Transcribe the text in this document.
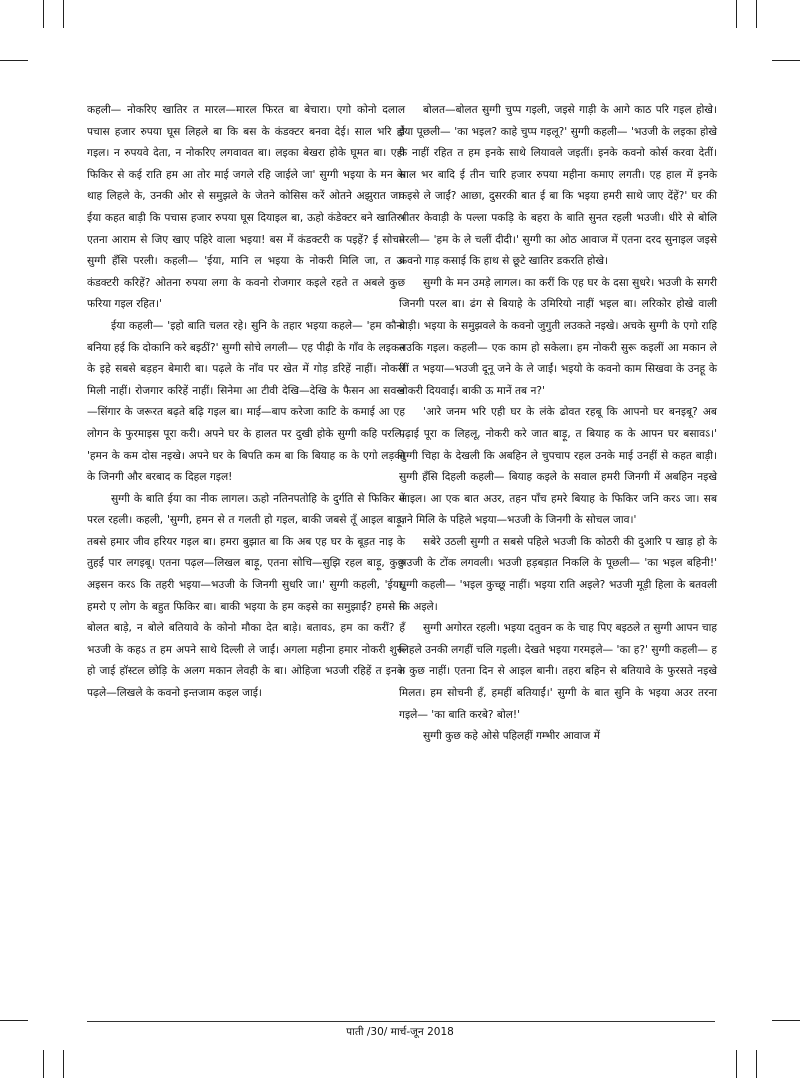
कहली— नोकरिए खातिर त मारल—मारल फिरत बा बेचारा। एगो कोनो दलाल पचास हजार रुपया घूस लिहले बा कि बस के कंडक्टर बनवा देई। साल भरि हो गइल। न रुपयवे देता, न नोकरिए लगवावत बा। लइका बेखरा होके घूमत बा। एही फिकिर से कई राति हम आ तोर माई जगले रहि जाईले जा' सुग्गी भइया के मन के थाह लिहले के, उनकी ओर से समुझले के जेतने कोसिस करें ओतने अझुरात जा। ईया कहत बाड़ी कि पचास हजार रुपया घूस दियाइल बा, ऊहो कंडेक्टर बने खातिर। एतना आराम से जिए खाए पहिरे वाला भइया! बस में कंडक्टरी क पइहें? ई सोचते सुग्गी हँसि परली। कहली— 'ईया, मानि ल भइया के नोकरी मिलि जा, त ऊ कंडक्टरी करिहें? ओतना रुपया लगा के कवनो रोजगार कइले रहते त अबले कुछ फरिया गइल रहित।'

ईया कहली— 'इहो बाति चलत रहे। सुनि के तहार भइया कहले— 'हम कौनो बनिया हई कि दोकानि करे बइठीं?' सुग्गी सोचे लगली— एह पीढ़ी के गाँव के लइकन के इहे सबसे बड़हन बेमारी बा। पढ़ले के नाँव पर खेत में गोड़ डरिहें नाहीं। नोकरी मिली नाहीं। रोजगार करिहें नाहीं। सिनेमा आ टीवी देखि—देखि के फैसन आ सवख—सिंगार के जरूरत बढ़ते बढ़ि गइल बा। माई—बाप करेजा काटि के कमाई आ एह लोगन के फुरमाइस पूरा करी। अपने घर के हालत पर दुखी होके सुग्गी कहि परलि, 'हमन के कम दोस नइखे। अपने घर के बिपति कम बा कि बियाह क के एगो लड़की के जिनगी और बरबाद क दिहल गइल!

सुग्गी के बाति ईया का नीक लागल। ऊहो नतिनपतोहि के दुर्गति से फिकिर में परल रहली। कहली, 'सुग्गी, हमन से त गलती हो गइल, बाकी जबसे तूँ आइल बाड़ू, तबसे हमार जीव हरियर गइल बा। हमरा बुझात बा कि अब एह घर के बूड़त नाइ के तुहईं पार लगइबू। एतना पढ़ल—लिखल बाड़ू, एतना सोचि—सुझि रहल बाड़ू, कुछु अइसन करऽ कि तहरी भइया—भउजी के जिनगी सुधरि जा।' सुग्गी कहली, 'ईया, हमरो ए लोग के बहुत फिकिर बा। बाकी भइया के हम कइसे का समुझाईं? हमसे न बोलत बाड़े, न बोले बतियावे के कोनो मौका देत बाड़े। बतावऽ, हम का करीं? हँ भउजी के कहऽ त हम अपने साथे दिल्ली ले जाईं। अगला महीना हमार नोकरी शुरू हो जाई हॉस्टल छोड़ि के अलग मकान लेवही के बा। ओहिजा भउजी रहिहें त इनके पढ़ले—लिखले के कवनो इन्तजाम कइल जाई।

बोलत—बोलत सुग्गी चुप्प गइली, जइसे गाड़ी के आगे काठ परि गइल होखे। ईया पूछली— 'का भइल? काहे चुप्प गइलू?' सुग्गी कहली— 'भउजी के लइका होखे के नाहीं रहित त हम इनके साथे लियावले जइतीं। इनके कवनो कोर्स करवा देतीं। साल भर बादि ई तीन चारि हजार रुपया महीना कमाए लगती। एह हाल में इनके कइसे ले जाईं? आछा, दुसरकी बात ई बा कि भइया हमरी साथे जाए देंहें?' घर की भीतर केवाड़ी के पल्ला पकड़ि के बहरा के बाति सुनत रहली भउजी। धीरे से बोलि परली— 'हम के ले चलीं दीदी।' सुग्गी का ओठ आवाज में एतना दरद सुनाइल जइसे कवनो गाड़ कसाई कि हाथ से छूटे खातिर डकरति होखे।

सुग्गी के मन उमड़े लागल। का करीं कि एह घर के दसा सुधरे। भउजी के सगरी जिनगी परल बा। ढंग से बियाहे के उमिरियो नाहीं भइल बा। लरिकोर होखे वाली बाड़ी। भइया के समुझवले के कवनो जुगुती लउकते नइखे। अचके सुग्गी के एगो राहि लउकि गइल। कहली— एक काम हो सकेला। हम नोकरी सुरू कइलीं आ मकान ले लीं त भइया—भउजी दूनू जने के ले जाईं। भइयो के कवनो काम सिखवा के उनहू के नोकरी दियवाईं। बाकी ऊ मानें तब न?'

'आरे जनम भरि एही घर के लंके ढोवत रहबू कि आपनो घर बनइबू? अब पढ़ाई पूरा क लिहलू, नोकरी करे जात बाड़ू, त बियाह क के आपन घर बसावऽ।' सुग्गी चिहा के देखली कि अबहिन ले चुपचाप रहल उनके माई उनहीं से कहत बाड़ी। सुग्गी हँसि दिहली कहली— बियाह कइले के सवाल हमरी जिनगी में अबहिन नइखे आइल। आ एक बात अउर, तहन पाँच हमरे बियाह के फिकिर जनि करऽ जा। सब जने मिलि के पहिले भइया—भउजी के जिनगी के सोचल जाव।'

सबेरे उठली सुग्गी त सबसे पहिले भउजी कि कोठरी की दुआरि प खाड़ हो के भउजी के टोंक लगवली। भउजी हड़बड़ात निकलि के पूछली— 'का भइल बहिनी!' सुग्गी कहली— 'भइल कुच्छू नाहीं। भइया राति अइले? भउजी मूड़ी हिला के बतवली कि अइले।

सुग्गी अगोरत रहली। भइया दतुवन क के चाह पिए बइठले त सुग्गी आपन चाह लिहले उनकी लगहीं चलि गइली। देखते भइया गरमइले— 'का ह?' सुग्गी कहली— ह त कुछ नाहीं। एतना दिन से आइल बानी। तहरा बहिन से बतियावे के फुरसते नइखे मिलत। हम सोचनी हँ, हमहीं बतियाईं।' सुग्गी के बात सुनि के भइया अउर तरना गइले— 'का बाति करबे? बोल!'

सुग्गी कुछ कहे ओसे पहिलहीं गम्भीर आवाज में

पाती /30/ मार्च-जून 2018
